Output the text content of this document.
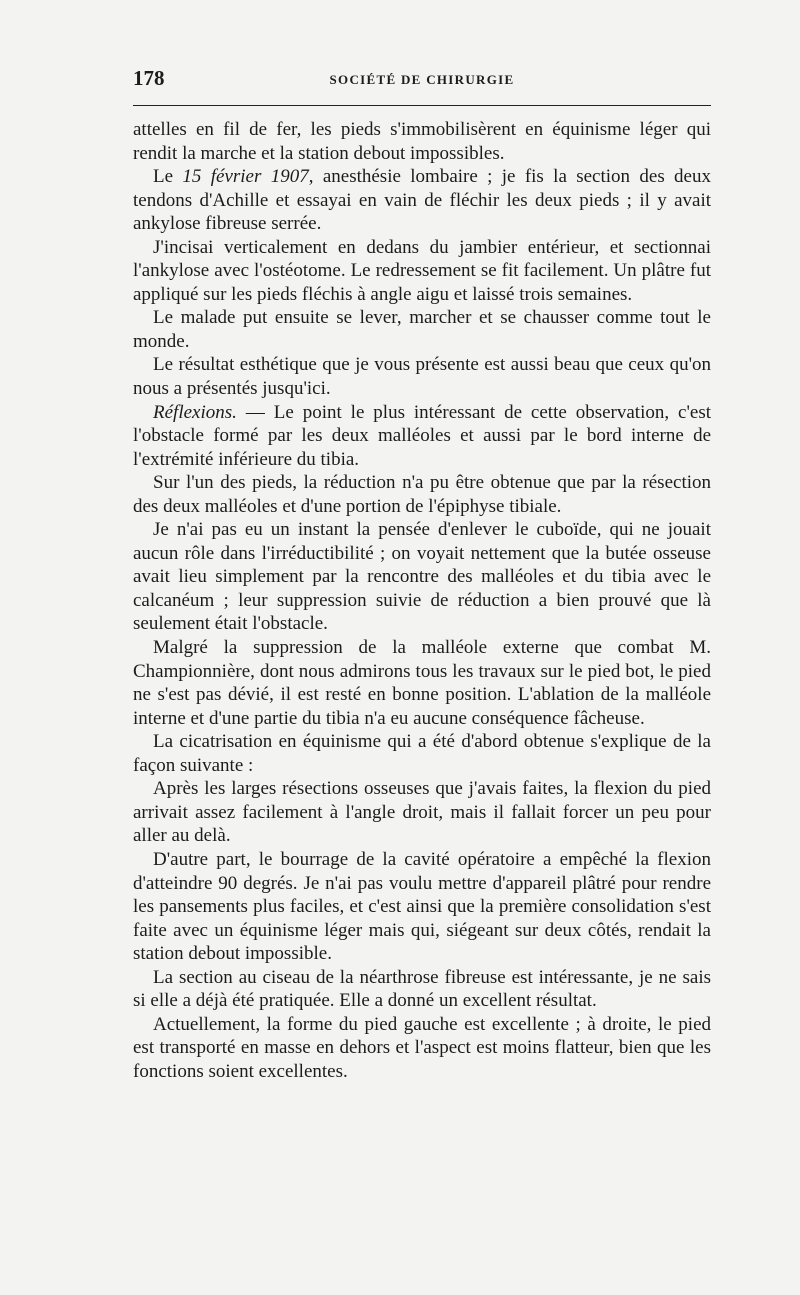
178	SOCIÉTÉ DE CHIRURGIE

attelles en fil de fer, les pieds s'immobilisèrent en équinisme léger qui rendit la marche et la station debout impossibles.

Le 15 février 1907, anesthésie lombaire ; je fis la section des deux tendons d'Achille et essayai en vain de fléchir les deux pieds ; il y avait ankylose fibreuse serrée.

J'incisai verticalement en dedans du jambier entérieur, et sectionnai l'ankylose avec l'ostéotome. Le redressement se fit facilement. Un plâtre fut appliqué sur les pieds fléchis à angle aigu et laissé trois semaines.

Le malade put ensuite se lever, marcher et se chausser comme tout le monde.

Le résultat esthétique que je vous présente est aussi beau que ceux qu'on nous a présentés jusqu'ici.

Réflexions. — Le point le plus intéressant de cette observation, c'est l'obstacle formé par les deux malléoles et aussi par le bord interne de l'extrémité inférieure du tibia.

Sur l'un des pieds, la réduction n'a pu être obtenue que par la résection des deux malléoles et d'une portion de l'épiphyse tibiale.

Je n'ai pas eu un instant la pensée d'enlever le cuboïde, qui ne jouait aucun rôle dans l'irréductibilité ; on voyait nettement que la butée osseuse avait lieu simplement par la rencontre des malléoles et du tibia avec le calcanéum ; leur suppression suivie de réduction a bien prouvé que là seulement était l'obstacle.

Malgré la suppression de la malléole externe que combat M. Championnière, dont nous admirons tous les travaux sur le pied bot, le pied ne s'est pas dévié, il est resté en bonne position. L'ablation de la malléole interne et d'une partie du tibia n'a eu aucune conséquence fâcheuse.

La cicatrisation en équinisme qui a été d'abord obtenue s'explique de la façon suivante :

Après les larges résections osseuses que j'avais faites, la flexion du pied arrivait assez facilement à l'angle droit, mais il fallait forcer un peu pour aller au delà.

D'autre part, le bourrage de la cavité opératoire a empêché la flexion d'atteindre 90 degrés. Je n'ai pas voulu mettre d'appareil plâtré pour rendre les pansements plus faciles, et c'est ainsi que la première consolidation s'est faite avec un équinisme léger mais qui, siégeant sur deux côtés, rendait la station debout impossible.

La section au ciseau de la néarthrose fibreuse est intéressante, je ne sais si elle a déjà été pratiquée. Elle a donné un excellent résultat.

Actuellement, la forme du pied gauche est excellente ; à droite, le pied est transporté en masse en dehors et l'aspect est moins flatteur, bien que les fonctions soient excellentes.
